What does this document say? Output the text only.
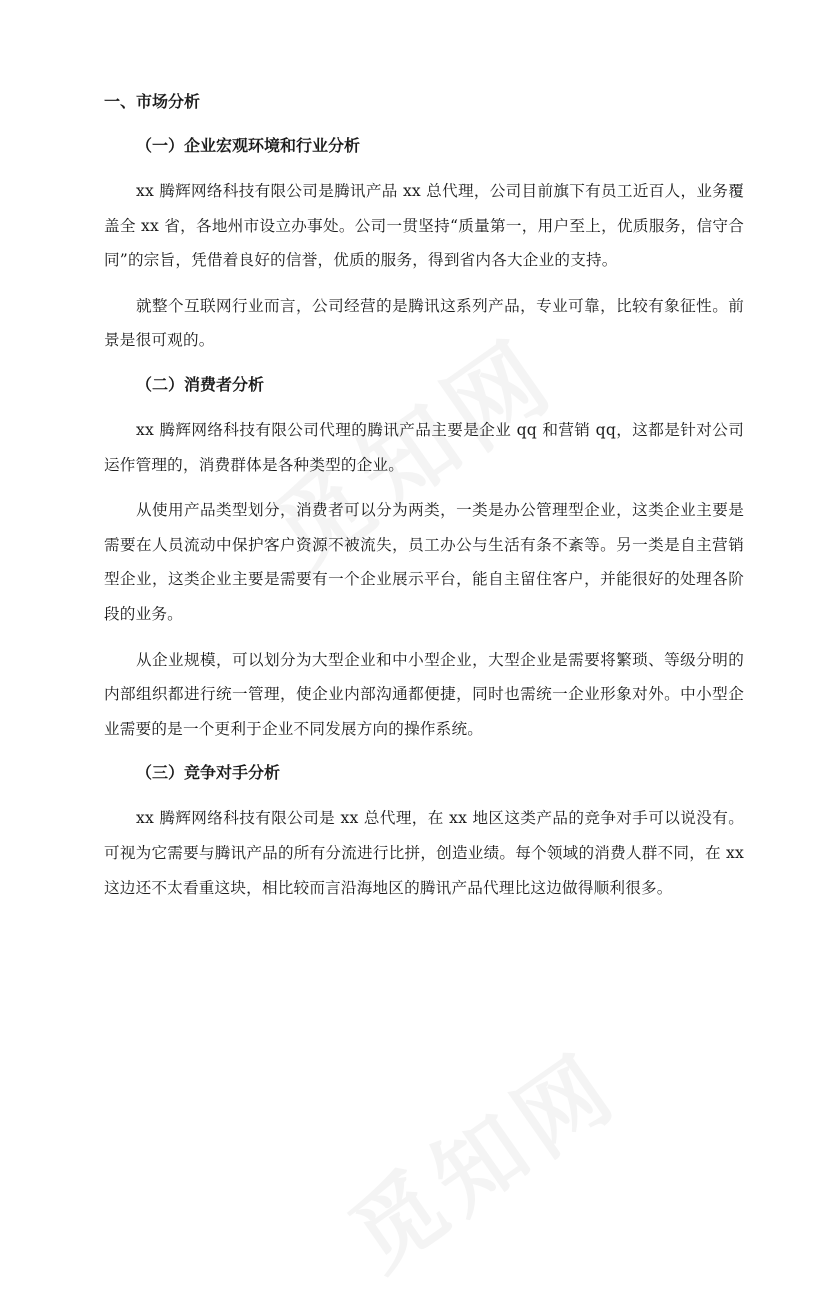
一、市场分析
（一）企业宏观环境和行业分析

xx 腾辉网络科技有限公司是腾讯产品 xx 总代理，公司目前旗下有员工近百人，业务覆盖全 xx 省，各地州市设立办事处。公司一贯坚持“质量第一，用户至上，优质服务，信守合同”的宗旨，凭借着良好的信誉，优质的服务，得到省内各大企业的支持。

就整个互联网行业而言，公司经营的是腾讯这系列产品，专业可靠，比较有象征性。前景是很可观的。

（二）消费者分析

xx 腾辉网络科技有限公司代理的腾讯产品主要是企业 qq 和营销 qq，这都是针对公司运作管理的，消费群体是各种类型的企业。

从使用产品类型划分，消费者可以分为两类，一类是办公管理型企业，这类企业主要是需要在人员流动中保护客户资源不被流失，员工办公与生活有条不紊等。另一类是自主营销型企业，这类企业主要是需要有一个企业展示平台，能自主留住客户，并能很好的处理各阶段的业务。

从企业规模，可以划分为大型企业和中小型企业，大型企业是需要将繁琐、等级分明的内部组织都进行统一管理，使企业内部沟通都便捷，同时也需统一企业形象对外。中小型企业需要的是一个更利于企业不同发展方向的操作系统。

（三）竞争对手分析

xx 腾辉网络科技有限公司是 xx 总代理，在 xx 地区这类产品的竞争对手可以说没有。可视为它需要与腾讯产品的所有分流进行比拼，创造业绩。每个领域的消费人群不同，在 xx 这边还不太看重这块，相比较而言沿海地区的腾讯产品代理比这边做得顺利很多。
